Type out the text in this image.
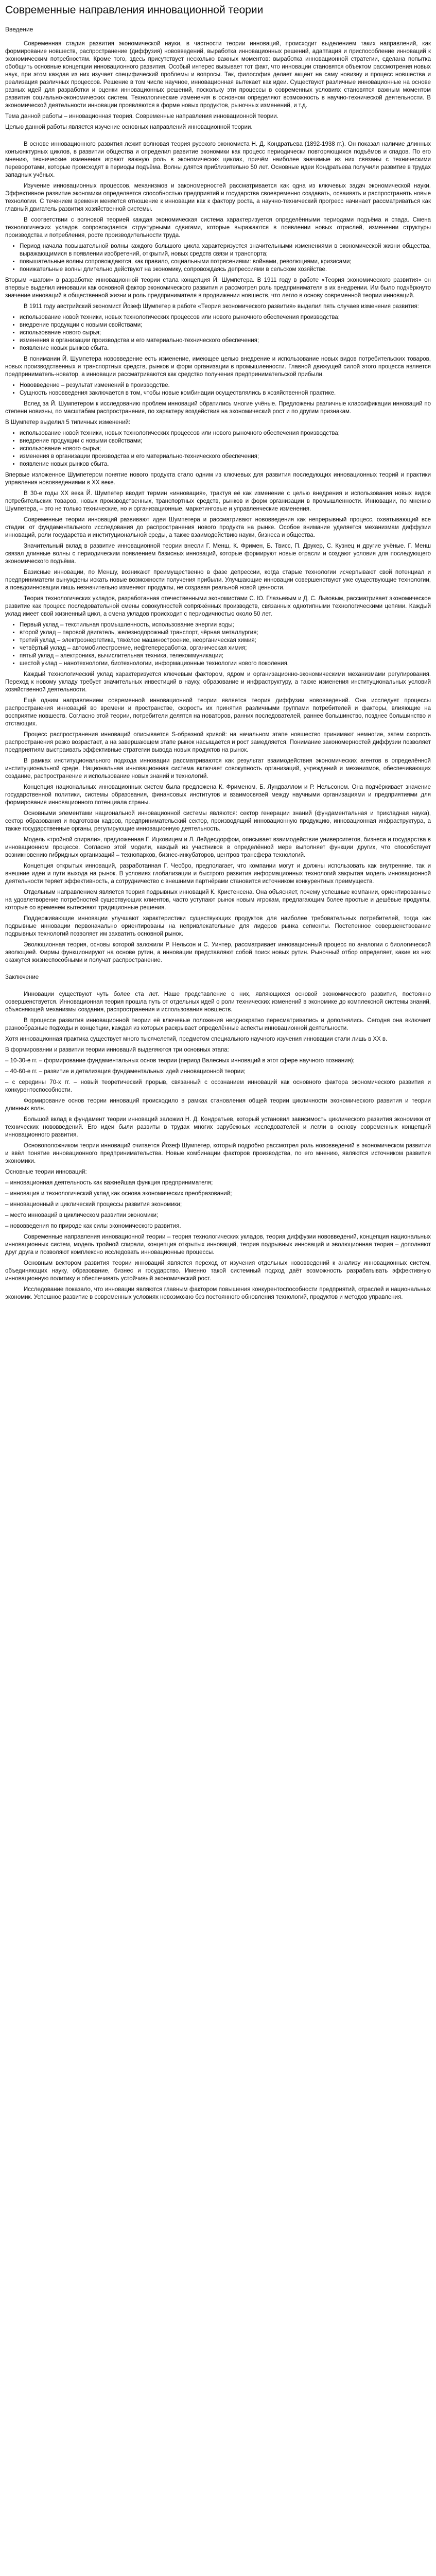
Современные направления инновационной теории
Введение

Современная стадия развития экономической науки, в частности теории инноваций, происходит выделением таких направлений, как формирование новшеств, распространение (диффузия) нововведений, выработка инновационных решений, адаптация и приспособление инноваций к экономическим потребностям. Кроме того, здесь присутствует несколько важных моментов: выработка инновационной стратегии, сделана попытка обобщить основные концепции инновационного развития. Особый интерес вызывает тот факт, что инновации становятся объектом рассмотрения новых наук, при этом каждая из них изучает специфический проблемы и вопросы. Так, философия делает акцент на саму новизну и процесс новшества и реализация различных процессов. Решение в том числе научное, инновационная вытекает как идеи. Существуют различные инновационные на основе разных идей для разработки и оценки инновационных решений, поскольку эти процессы в современных условиях становятся важным моментом развития социально-экономических систем. Технологические изменения в основном определяют возможность в научно-технической деятельности. В экономической деятельности инновации проявляются в форме новых продуктов, рыночных изменений, и т.д.

Тема данной работы – инновационная теория. Современные направления инновационной теории.

Целью данной работы является изучение основных направлений инновационной теории.

В основе инновационного развития лежит волновая теория русского экономиста Н. Д. Кондратьева (1892-1938 гг.). Он показал наличие длинных конъюнктурных циклов, в развитии общества и определил развитие экономики как процесс периодически повторяющихся подъёмов и спадов. По его мнению, технические изменения играют важную роль в экономических циклах, причём наиболее значимые из них связаны с техническими переворотами, которые происходят в периоды подъёма. Волны длятся приблизительно 50 лет. Основные идеи Кондратьева получили развитие в трудах западных учёных.

Изучение инновационных процессов, механизмов и закономерностей рассматривается как одна из ключевых задач экономической науки. Эффективное развитие экономики определяется способностью предприятий и государства своевременно создавать, осваивать и распространять новые технологии. С течением времени меняется отношение к инновации как к фактору роста, а научно-технический прогресс начинает рассматриваться как главный двигатель развития хозяйственной системы.

В соответствии с волновой теорией каждая экономическая система характеризуется определёнными периодами подъёма и спада. Смена технологических укладов сопровождается структурными сдвигами, которые выражаются в появлении новых отраслей, изменении структуры производства и потребления, росте производительности труда.

• Период начала повышательной волны каждого большого цикла характеризуется значительными изменениями в экономической жизни общества, выражающимися в появлении изобретений, открытий, новых средств связи и транспорта;
• повышательные волны сопровождаются, как правило, социальными потрясениями: войнами, революциями, кризисами;
• понижательные волны длительно действуют на экономику, сопровождаясь депрессиями в сельском хозяйстве.

Вторым «шагом» в разработке инновационной теории стала концепция Й. Шумпетера. В 1911 году в работе «Теория экономического развития» он впервые выделил инновации как основной фактор экономического развития и рассмотрел роль предпринимателя в их внедрении. Им было подчёркнуто значение инноваций в общественной жизни и роль предпринимателя в продвижении новшеств, что легло в основу современной теории инноваций.

В 1911 году австрийский экономист Йозеф Шумпетер в работе «Теория экономического развития» выделил пять случаев изменения развития:

• использование новой техники, новых технологических процессов или нового рыночного обеспечения производства;
• внедрение продукции с новыми свойствами;
• использование нового сырья;
• изменения в организации производства и его материально-технического обеспечения;
• появление новых рынков сбыта.

В понимании Й. Шумпетера нововведение есть изменение, имеющее целью внедрение и использование новых видов потребительских товаров, новых производственных и транспортных средств, рынков и форм организации в промышленности. Главной движущей силой этого процесса является предприниматель-новатор, а инновации рассматриваются как средство получения предпринимательской прибыли.

• Нововведение – результат изменений в производстве.
• Сущность нововведения заключается в том, чтобы новые комбинации осуществлялись в хозяйственной практике.

Вслед за Й. Шумпетером к исследованию проблем инноваций обратились многие учёные. Предложены различные классификации инноваций по степени новизны, по масштабам распространения, по характеру воздействия на экономический рост и по другим признакам.

В Шумпетер выделил 5 типичных изменений:

• использование новой техники, новых технологических процессов или нового рыночного обеспечения производства;
• внедрение продукции с новыми свойствами;
• использование нового сырья;
• изменения в организации производства и его материально-технического обеспечения;
• появление новых рынков сбыта.

Впервые изложенное Шумпетером понятие нового продукта стало одним из ключевых для развития последующих инновационных теорий и практики управления нововведениями в XX веке.

В 30-е годы XX века Й. Шумпетер вводит термин «инновация», трактуя её как изменение с целью внедрения и использования новых видов потребительских товаров, новых производственных, транспортных средств, рынков и форм организации в промышленности. Инновации, по мнению Шумпетера, – это не только технические, но и организационные, маркетинговые и управленческие изменения.

Современные теории инноваций развивают идеи Шумпетера и рассматривают нововведения как непрерывный процесс, охватывающий все стадии: от фундаментального исследования до распространения нового продукта на рынке. Особое внимание уделяется механизмам диффузии инноваций, роли государства и институциональной среды, а также взаимодействию науки, бизнеса и общества.

Значительный вклад в развитие инновационной теории внесли Г. Менш, К. Фримен, Б. Твисс, П. Друкер, С. Кузнец и другие учёные. Г. Менш связал длинные волны с периодическим появлением базисных инноваций, которые формируют новые отрасли и создают условия для последующего экономического подъёма.

Базисные инновации, по Меншу, возникают преимущественно в фазе депрессии, когда старые технологии исчерпывают свой потенциал и предприниматели вынуждены искать новые возможности получения прибыли. Улучшающие инновации совершенствуют уже существующие технологии, а псевдоинновации лишь незначительно изменяют продукты, не создавая реальной новой ценности.

Теория технологических укладов, разработанная отечественными экономистами С. Ю. Глазьевым и Д. С. Львовым, рассматривает экономическое развитие как процесс последовательной смены совокупностей сопряжённых производств, связанных однотипными технологическими цепями. Каждый уклад имеет свой жизненный цикл, а смена укладов происходит с периодичностью около 50 лет.

• Первый уклад – текстильная промышленность, использование энергии воды;
• второй уклад – паровой двигатель, железнодорожный транспорт, чёрная металлургия;
• третий уклад – электроэнергетика, тяжёлое машиностроение, неорганическая химия;
• четвёртый уклад – автомобилестроение, нефтепереработка, органическая химия;
• пятый уклад – электроника, вычислительная техника, телекоммуникации;
• шестой уклад – нанотехнологии, биотехнологии, информационные технологии нового поколения.

Каждый технологический уклад характеризуется ключевым фактором, ядром и организационно-экономическими механизмами регулирования. Переход к новому укладу требует значительных инвестиций в науку, образование и инфраструктуру, а также изменения институциональных условий хозяйственной деятельности.

Ещё одним направлением современной инновационной теории является теория диффузии нововведений. Она исследует процессы распространения инноваций во времени и пространстве, скорость их принятия различными группами потребителей и факторы, влияющие на восприятие новшеств. Согласно этой теории, потребители делятся на новаторов, ранних последователей, раннее большинство, позднее большинство и отстающих.

Процесс распространения инноваций описывается S-образной кривой: на начальном этапе новшество принимают немногие, затем скорость распространения резко возрастает, а на завершающем этапе рынок насыщается и рост замедляется. Понимание закономерностей диффузии позволяет предприятиям выстраивать эффективные стратегии вывода новых продуктов на рынок.

В рамках институционального подхода инновации рассматриваются как результат взаимодействия экономических агентов в определённой институциональной среде. Национальная инновационная система включает совокупность организаций, учреждений и механизмов, обеспечивающих создание, распространение и использование новых знаний и технологий.

Концепция национальных инновационных систем была предложена К. Фрименом, Б. Лундваллом и Р. Нельсоном. Она подчёркивает значение государственной политики, системы образования, финансовых институтов и взаимосвязей между научными организациями и предприятиями для формирования инновационного потенциала страны.

Основными элементами национальной инновационной системы являются: сектор генерации знаний (фундаментальная и прикладная наука), сектор образования и подготовки кадров, предпринимательский сектор, производящий инновационную продукцию, инновационная инфраструктура, а также государственные органы, регулирующие инновационную деятельность.

Модель «тройной спирали», предложенная Г. Ицковицем и Л. Лейдесдорфом, описывает взаимодействие университетов, бизнеса и государства в инновационном процессе. Согласно этой модели, каждый из участников в определённой мере выполняет функции других, что способствует возникновению гибридных организаций – технопарков, бизнес-инкубаторов, центров трансфера технологий.

Концепция открытых инноваций, разработанная Г. Чесбро, предполагает, что компании могут и должны использовать как внутренние, так и внешние идеи и пути выхода на рынок. В условиях глобализации и быстрого развития информационных технологий закрытая модель инновационной деятельности теряет эффективность, а сотрудничество с внешними партнёрами становится источником конкурентных преимуществ.

Отдельным направлением является теория подрывных инноваций К. Кристенсена. Она объясняет, почему успешные компании, ориентированные на удовлетворение потребностей существующих клиентов, часто уступают рынок новым игрокам, предлагающим более простые и дешёвые продукты, которые со временем вытесняют традиционные решения.

Поддерживающие инновации улучшают характеристики существующих продуктов для наиболее требовательных потребителей, тогда как подрывные инновации первоначально ориентированы на непривлекательные для лидеров рынка сегменты. Постепенное совершенствование подрывных технологий позволяет им захватить основной рынок.

Эволюционная теория, основы которой заложили Р. Нельсон и С. Уинтер, рассматривает инновационный процесс по аналогии с биологической эволюцией. Фирмы функционируют на основе рутин, а инновации представляют собой поиск новых рутин. Рыночный отбор определяет, какие из них окажутся жизнеспособными и получат распространение.

Заключение

Инновации существуют чуть более ста лет. Наше представление о них, являющихся основой экономического развития, постоянно совершенствуется. Инновационная теория прошла путь от отдельных идей о роли технических изменений в экономике до комплексной системы знаний, объясняющей механизмы создания, распространения и использования новшеств.

В процессе развития инновационной теории её ключевые положения неоднократно пересматривались и дополнялись. Сегодня она включает разнообразные подходы и концепции, каждая из которых раскрывает определённые аспекты инновационной деятельности.

Хотя инновационная практика существует много тысячелетий, предметом специального научного изучения инновации стали лишь в XX в.

В формировании и развитии теории инноваций выделяются три основных этапа:

– 10-30-е гг. – формирование фундаментальных основ теории (период Валесных инноваций в этот сфере научного познания);

– 40-60-е гг. – развитие и детализация фундаментальных идей инновационной теории;

– с середины 70-х гг. – новый теоретический прорыв, связанный с осознанием инноваций как основного фактора экономического развития и конкурентоспособности.

Формирование основ теории инноваций происходило в рамках становления общей теории цикличности экономического развития и теории длинных волн.

Большой вклад в фундамент теории инноваций заложил Н. Д. Кондратьев, который установил зависимость циклического развития экономики от технических нововведений. Его идеи были развиты в трудах многих зарубежных исследователей и легли в основу современных концепций инновационного развития.

Основоположником теории инноваций считается Йозеф Шумпетер, который подробно рассмотрел роль нововведений в экономическом развитии и ввёл понятие инновационного предпринимательства. Новые комбинации факторов производства, по его мнению, являются источником развития экономики.

Основные теории инноваций:

– инновационная деятельность как важнейшая функция предпринимателя;

– инновация и технологический уклад как основа экономических преобразований;

– инновационный и циклический процессы развития экономики;

– место инноваций в циклическом развитии экономики;

– нововведения по природе как силы экономического развития.

Современные направления инновационной теории – теория технологических укладов, теория диффузии нововведений, концепция национальных инновационных систем, модель тройной спирали, концепция открытых инноваций, теория подрывных инноваций и эволюционная теория – дополняют друг друга и позволяют комплексно исследовать инновационные процессы.

Основным вектором развития теории инноваций является переход от изучения отдельных нововведений к анализу инновационных систем, объединяющих науку, образование, бизнес и государство. Именно такой системный подход даёт возможность разрабатывать эффективную инновационную политику и обеспечивать устойчивый экономический рост.

Исследование показало, что инновации являются главным фактором повышения конкурентоспособности предприятий, отраслей и национальных экономик. Успешное развитие в современных условиях невозможно без постоянного обновления технологий, продуктов и методов управления.
